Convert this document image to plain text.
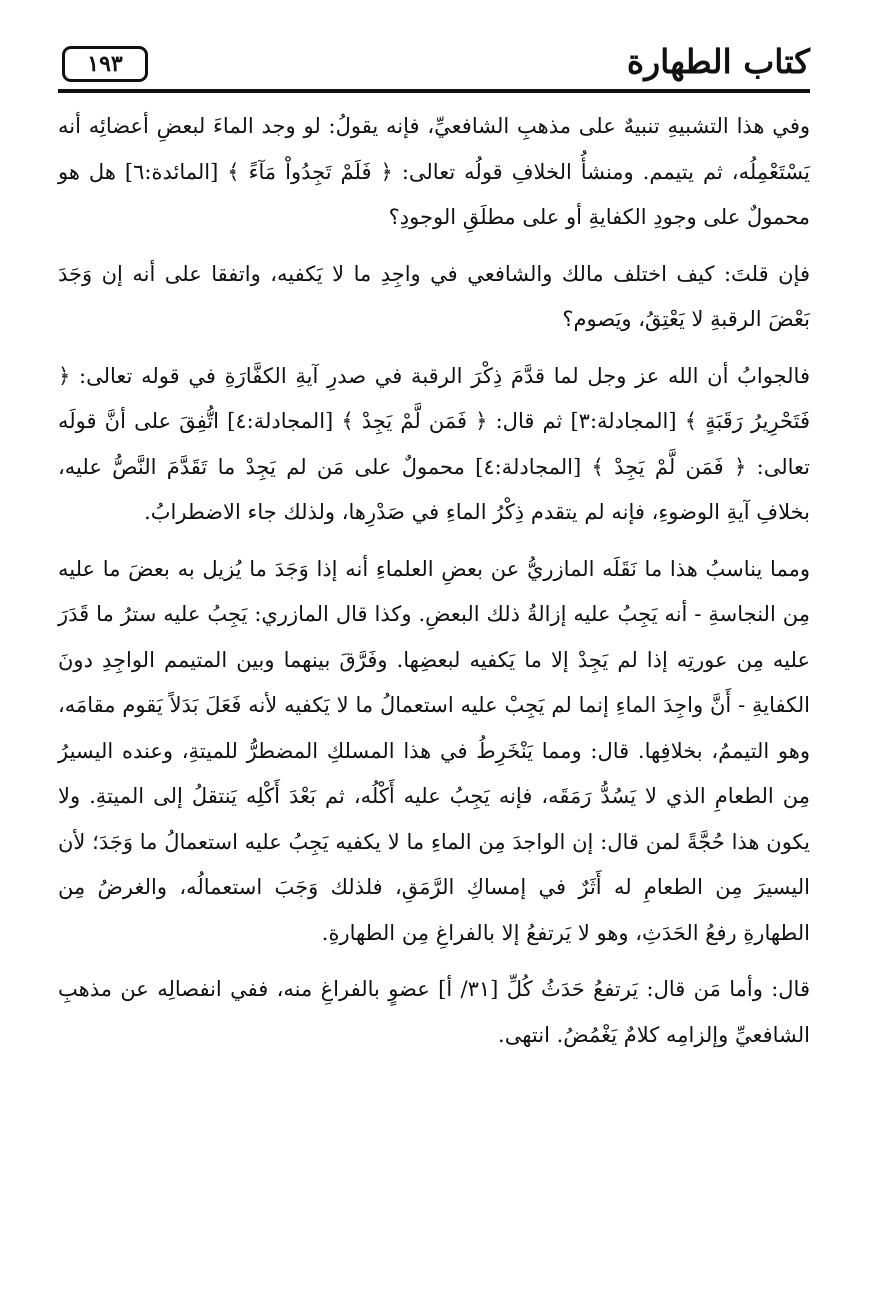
كتاب الطهارة
١٩٣

وفي هذا التشبيهِ تنبيهٌ على مذهبِ الشافعيِّ، فإنه يقولُ: لو وجد الماءَ لبعضِ أعضائِه أنه يَسْتَعْمِلُه، ثم يتيمم. ومنشأُ الخلافِ قولُه تعالى: ﴿ فَلَمْ تَجِدُواْ مَآءً ﴾ [المائدة:٦] هل هو محمولٌ على وجودِ الكفايةِ أو على مطلَقِ الوجودِ؟

فإن قلتَ: كيف اختلف مالك والشافعي في واجِدِ ما لا يَكفيه، واتفقا على أنه إن وَجَدَ بَعْضَ الرقبةِ لا يَعْتِقُ، ويَصوم؟

فالجوابُ أن الله عز وجل لما قدَّمَ ذِكْرَ الرقبة في صدرِ آيةِ الكفَّارَةِ في قوله تعالى: ﴿ فَتَحْرِيرُ رَقَبَةٍ ﴾ [المجادلة:٣] ثم قال: ﴿ فَمَن لَّمْ يَجِدْ ﴾ [المجادلة:٤] اتُّفِقَ على أنَّ قولَه تعالى: ﴿ فَمَن لَّمْ يَجِدْ ﴾ [المجادلة:٤] محمولٌ على مَن لم يَجِدْ ما تَقَدَّمَ النَّصُّ عليه، بخلافِ آيةِ الوضوءِ، فإنه لم يتقدم ذِكْرُ الماءِ في صَدْرِها، ولذلك جاء الاضطرابُ.

ومما يناسبُ هذا ما نَقَلَه المازريُّ عن بعضِ العلماءِ أنه إذا وَجَدَ ما يُزيل به بعضَ ما عليه مِن النجاسةِ - أنه يَجِبُ عليه إزالةُ ذلك البعضِ. وكذا قال المازري: يَجِبُ عليه سترُ ما قَدَرَ عليه مِن عورتِه إذا لم يَجِدْ إلا ما يَكفيه لبعضِها. وفَرَّقَ بينهما وبين المتيمم الواجِدِ دونَ الكفايةِ - أَنَّ واجِدَ الماءِ إنما لم يَجِبْ عليه استعمالُ ما لا يَكفيه لأنه فَعَلَ بَدَلاً يَقوم مقامَه، وهو التيممُ، بخلافِها. قال: ومما يَنْخَرِطُ في هذا المسلكِ المضطرُّ للميتةِ، وعنده اليسيرُ مِن الطعامِ الذي لا يَسُدُّ رَمَقَه، فإنه يَجِبُ عليه أَكْلُه، ثم بَعْدَ أَكْلِه يَنتقلُ إلى الميتةِ. ولا يكون هذا حُجَّةً لمن قال: إن الواجدَ مِن الماءِ ما لا يكفيه يَجِبُ عليه استعمالُ ما وَجَدَ؛ لأن اليسيرَ مِن الطعامِ له أَثَرٌ في إمساكِ الرَّمَقِ، فلذلك وَجَبَ استعمالُه، والغرضُ مِن الطهارةِ رفعُ الحَدَثِ، وهو لا يَرتفعُ إلا بالفراغِ مِن الطهارةِ.

قال: وأما مَن قال: يَرتفعُ حَدَثُ كُلِّ [٣١/ أ] عضوٍ بالفراغِ منه، ففي انفصالِه عن مذهبِ الشافعيِّ وإلزامِه كلامٌ يَغْمُضُ. انتهى.
